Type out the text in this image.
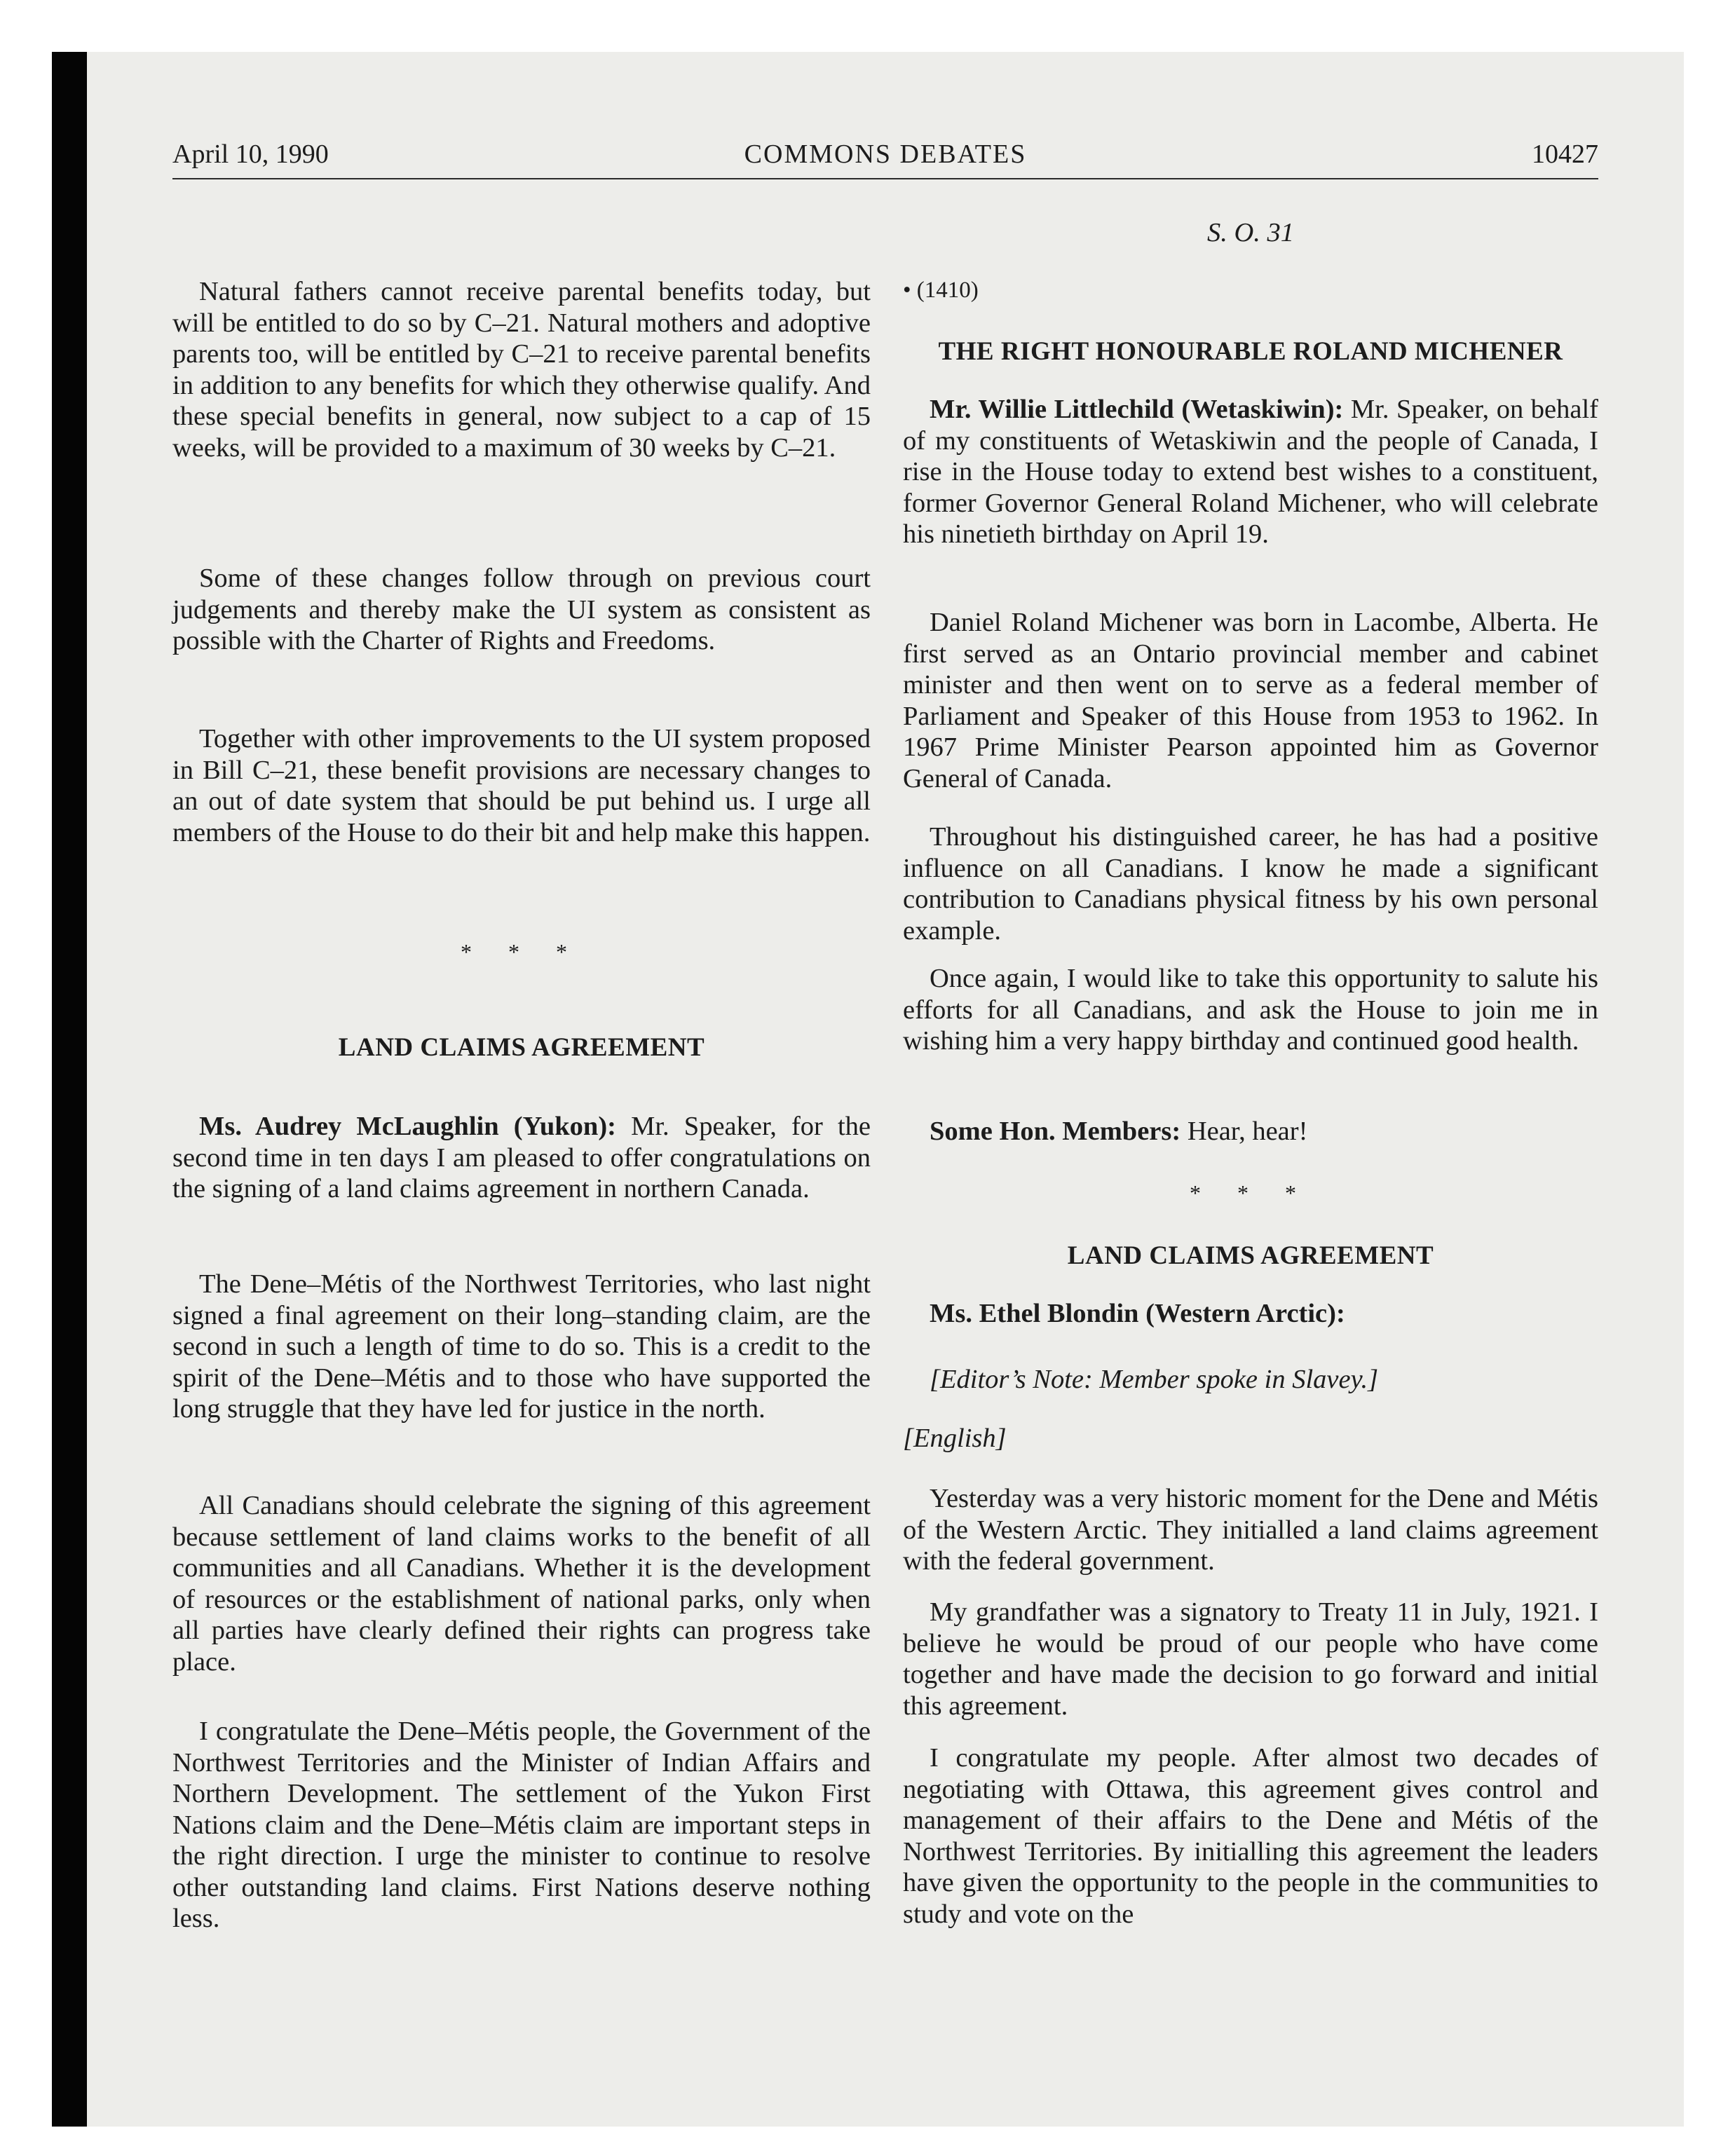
April 10, 1990	COMMONS DEBATES	10427

Natural fathers cannot receive parental benefits today, but will be entitled to do so by C–21. Natural mothers and adoptive parents too, will be entitled by C–21 to receive parental benefits in addition to any benefits for which they otherwise qualify. And these special benefits in general, now subject to a cap of 15 weeks, will be provided to a maximum of 30 weeks by C–21.

Some of these changes follow through on previous court judgements and thereby make the UI system as consistent as possible with the Charter of Rights and Freedoms.

Together with other improvements to the UI system proposed in Bill C–21, these benefit provisions are necessary changes to an out of date system that should be put behind us. I urge all members of the House to do their bit and help make this happen.

* * *
LAND CLAIMS AGREEMENT

Ms. Audrey McLaughlin (Yukon): Mr. Speaker, for the second time in ten days I am pleased to offer congratulations on the signing of a land claims agreement in northern Canada.

The Dene–Métis of the Northwest Territories, who last night signed a final agreement on their long–standing claim, are the second in such a length of time to do so. This is a credit to the spirit of the Dene–Métis and to those who have supported the long struggle that they have led for justice in the north.

All Canadians should celebrate the signing of this agreement because settlement of land claims works to the benefit of all communities and all Canadians. Whether it is the development of resources or the establishment of national parks, only when all parties have clearly defined their rights can progress take place.

I congratulate the Dene–Métis people, the Government of the Northwest Territories and the Minister of Indian Affairs and Northern Development. The settlement of the Yukon First Nations claim and the Dene–Métis claim are important steps in the right direction. I urge the minister to continue to resolve other outstanding land claims. First Nations deserve nothing less.

S. O. 31
• (1410)
THE RIGHT HONOURABLE ROLAND MICHENER

Mr. Willie Littlechild (Wetaskiwin): Mr. Speaker, on behalf of my constituents of Wetaskiwin and the people of Canada, I rise in the House today to extend best wishes to a constituent, former Governor General Roland Michener, who will celebrate his ninetieth birthday on April 19.

Daniel Roland Michener was born in Lacombe, Alberta. He first served as an Ontario provincial member and cabinet minister and then went on to serve as a federal member of Parliament and Speaker of this House from 1953 to 1962. In 1967 Prime Minister Pearson appointed him as Governor General of Canada.

Throughout his distinguished career, he has had a positive influence on all Canadians. I know he made a significant contribution to Canadians physical fitness by his own personal example.

Once again, I would like to take this opportunity to salute his efforts for all Canadians, and ask the House to join me in wishing him a very happy birthday and continued good health.

Some Hon. Members: Hear, hear!

* * *
LAND CLAIMS AGREEMENT

Ms. Ethel Blondin (Western Arctic):

[Editor’s Note: Member spoke in Slavey.]

[English]

Yesterday was a very historic moment for the Dene and Métis of the Western Arctic. They initialled a land claims agreement with the federal government.

My grandfather was a signatory to Treaty 11 in July, 1921. I believe he would be proud of our people who have come together and have made the decision to go forward and initial this agreement.

I congratulate my people. After almost two decades of negotiating with Ottawa, this agreement gives control and management of their affairs to the Dene and Métis of the Northwest Territories. By initialling this agreement the leaders have given the opportunity to the people in the communities to study and vote on the
